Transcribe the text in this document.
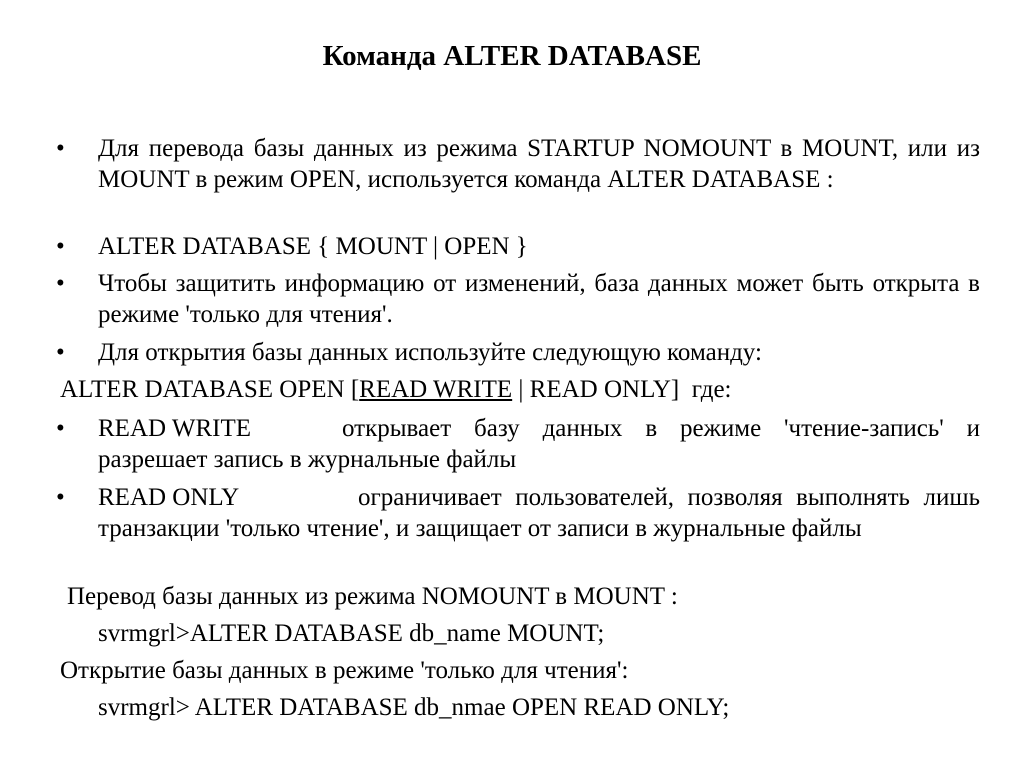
Команда ALTER DATABASE
•	Для перевода базы данных из режима STARTUP NOMOUNT в MOUNT, или из MOUNT в режим OPEN, используется команда ALTER DATABASE :
•	ALTER DATABASE { MOUNT | OPEN }
•	Чтобы защитить информацию от изменений, база данных может быть открыта в режиме 'только для чтения'.
•	Для открытия базы данных используйте следующую команду:
ALTER DATABASE OPEN [READ WRITE | READ ONLY]  где:
•	READ WRITE	открывает базу данных в режиме 'чтение-запись' и разрешает запись в журнальные файлы
•	READ ONLY	ограничивает пользователей, позволяя выполнять лишь транзакции 'только чтение', и защищает от записи в журнальные файлы
Перевод базы данных из режима NOMOUNT в MOUNT :
svrmgrl>ALTER DATABASE db_name MOUNT;
Открытие базы данных в режиме 'только для чтения':
svrmgrl> ALTER DATABASE db_nmae OPEN READ ONLY;
